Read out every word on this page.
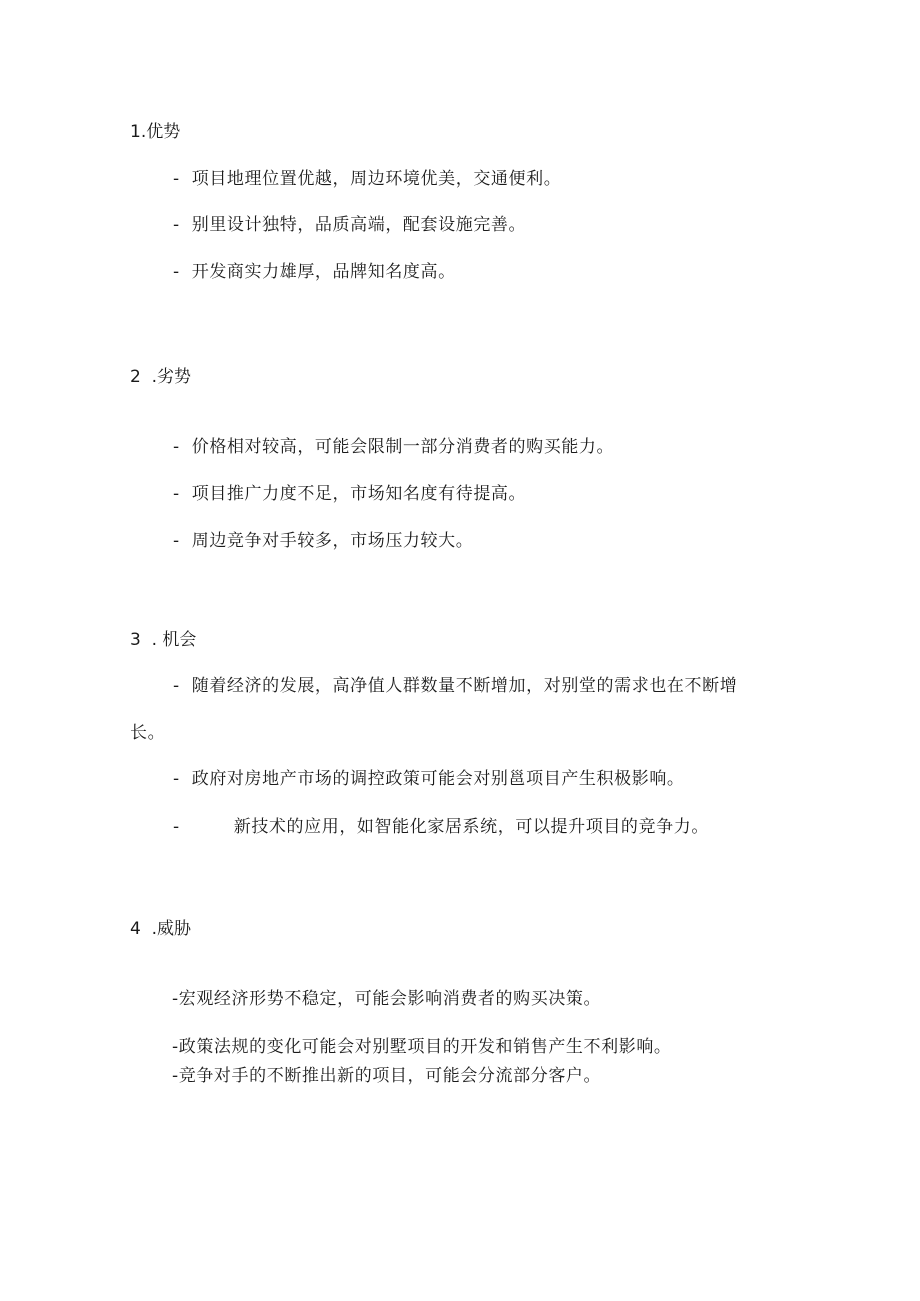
1.优势
- 项目地理位置优越，周边环境优美，交通便利。
- 别里设计独特，品质高端，配套设施完善。
- 开发商实力雄厚，品牌知名度高。
2  .劣势
- 价格相对较高，可能会限制一部分消费者的购买能力。
- 项目推广力度不足，市场知名度有待提高。
- 周边竞争对手较多，市场压力较大。
3  . 机会
- 随着经济的发展，高净值人群数量不断增加，对别堂的需求也在不断增
长。
- 政府对房地产市场的调控政策可能会对别邕项目产生积极影响。
-	新技术的应用，如智能化家居系统，可以提升项目的竞争力。
4  .威胁
-宏观经济形势不稳定，可能会影响消费者的购买决策。
-政策法规的变化可能会对别墅项目的开发和销售产生不利影响。
-竞争对手的不断推出新的项目，可能会分流部分客户。
